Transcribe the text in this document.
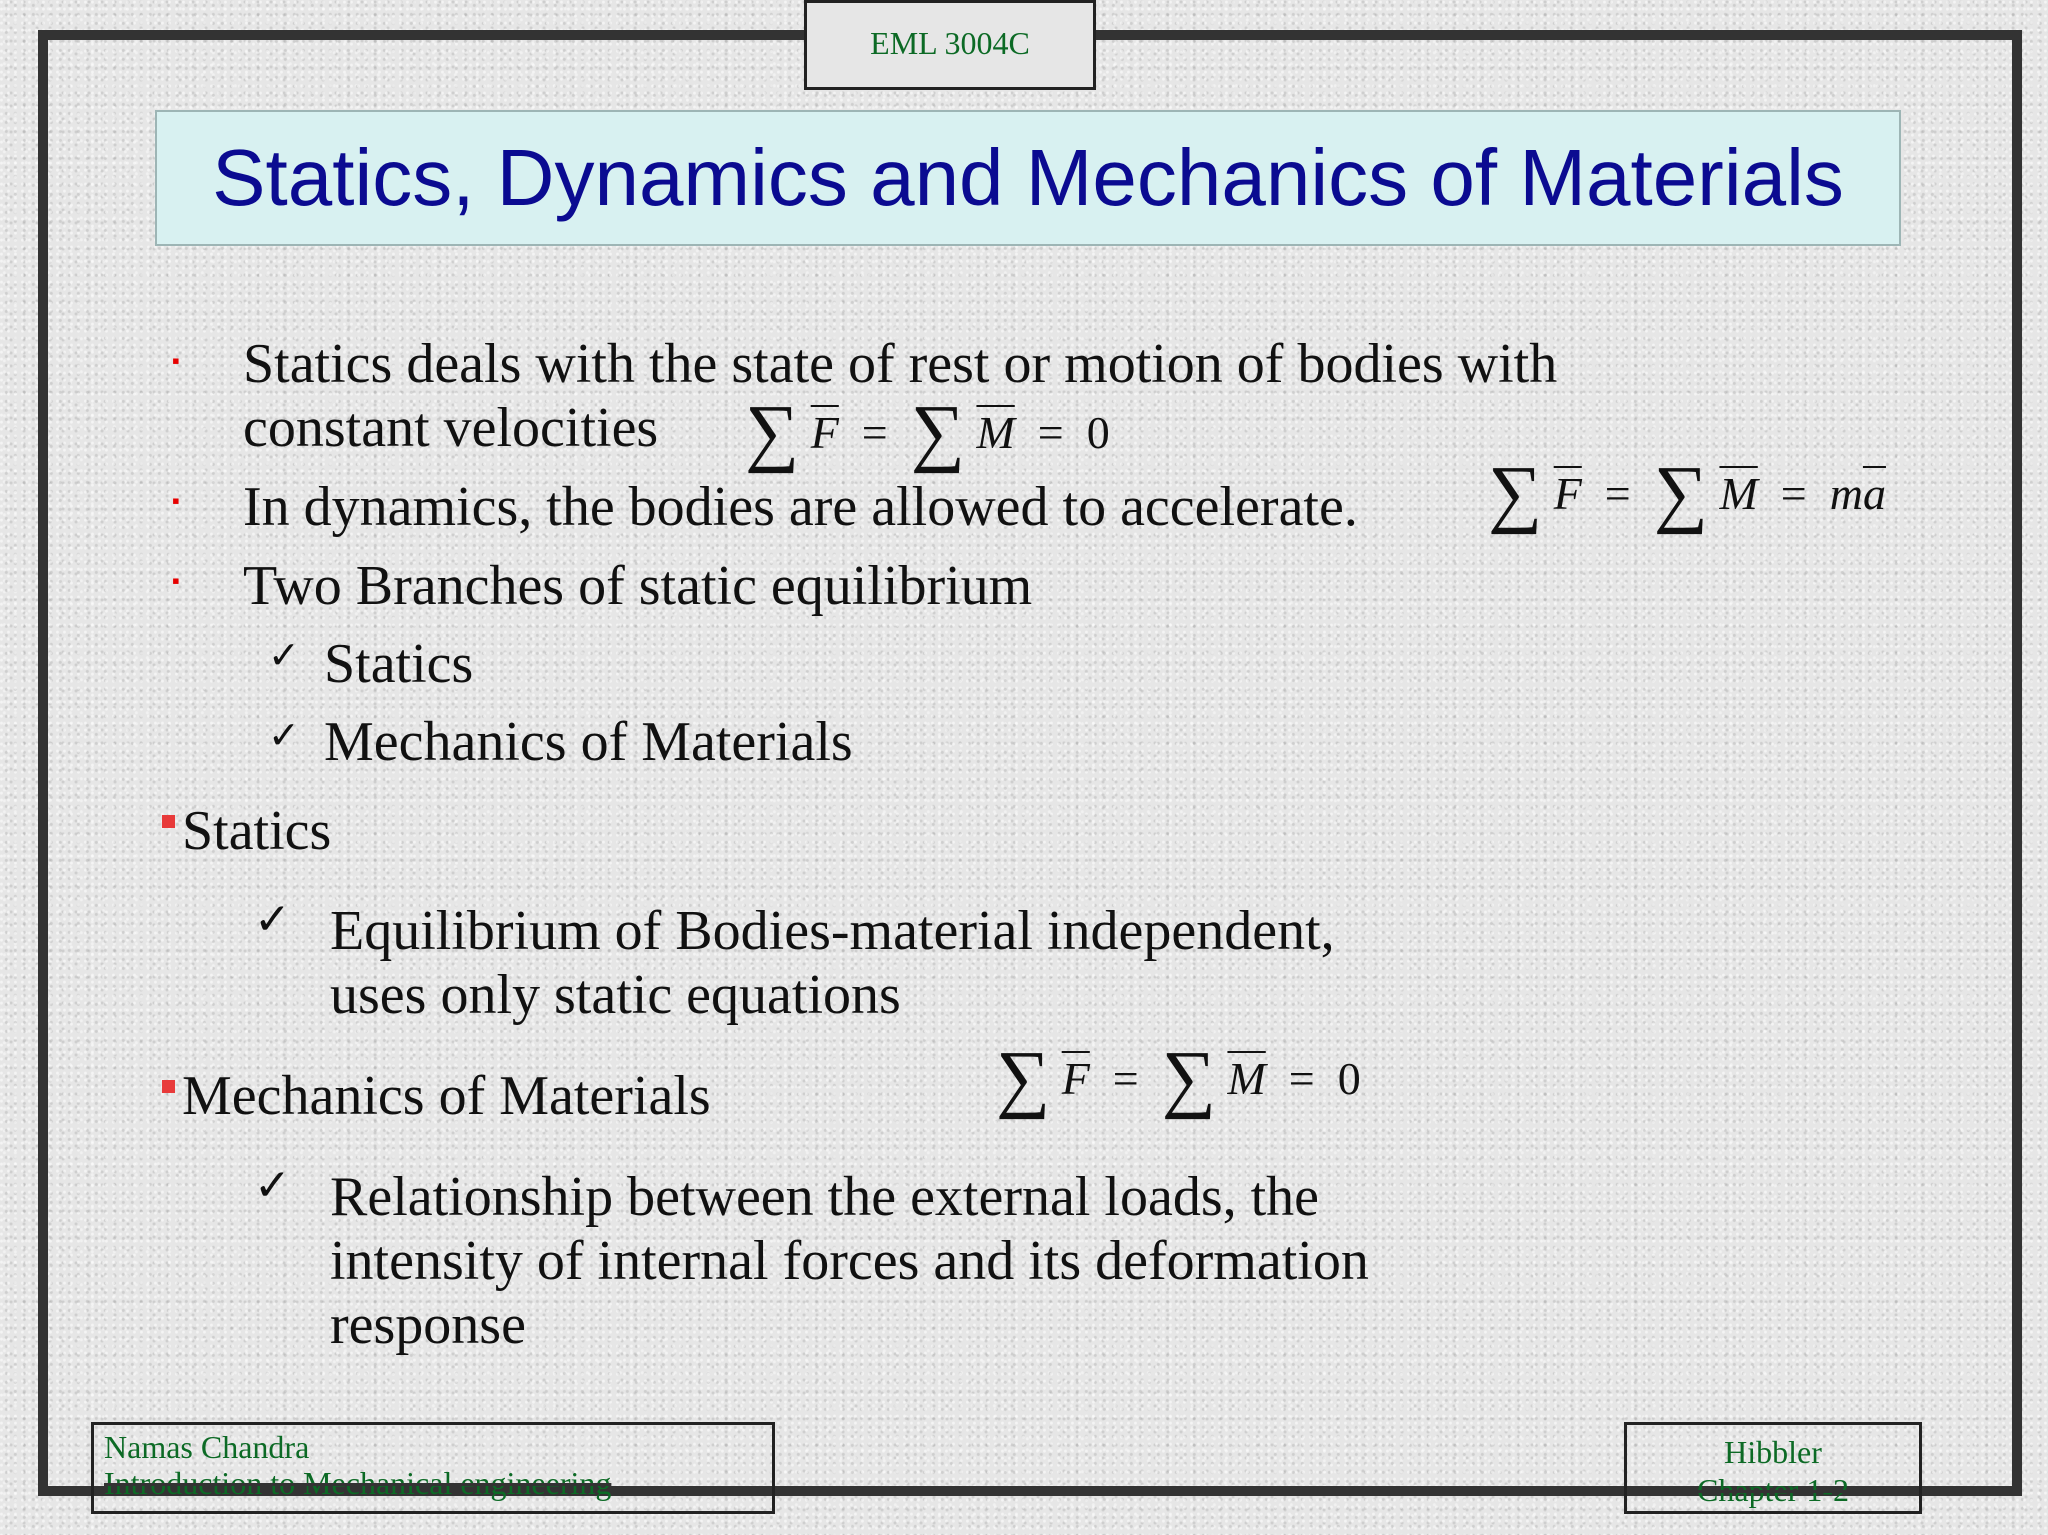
EML 3004C
Statics, Dynamics and Mechanics of Materials
▪ Statics deals with the state of rest or motion of bodies with
constant velocities	∑ $\overline{F}$ = ∑ $\overline{M} = 0$
▪ In dynamics, the bodies are allowed to accelerate. ∑ $\overline{F}$ = ∑ $\overline{M} = m\overline{a}$
▪ Two Branches of static equilibrium
✓ Statics
✓ Mechanics of Materials
Statics
✓ Equilibrium of Bodies-material independent,
uses only static equations
Mechanics of Materials	∑ $\overline{F}$ = ∑ $\overline{M} = 0$
✓ Relationship between the external loads, the
intensity of internal forces and its deformation
response
Namas Chandra
Introduction to Mechanical engineering
Hibbler
Chapter 1-2
